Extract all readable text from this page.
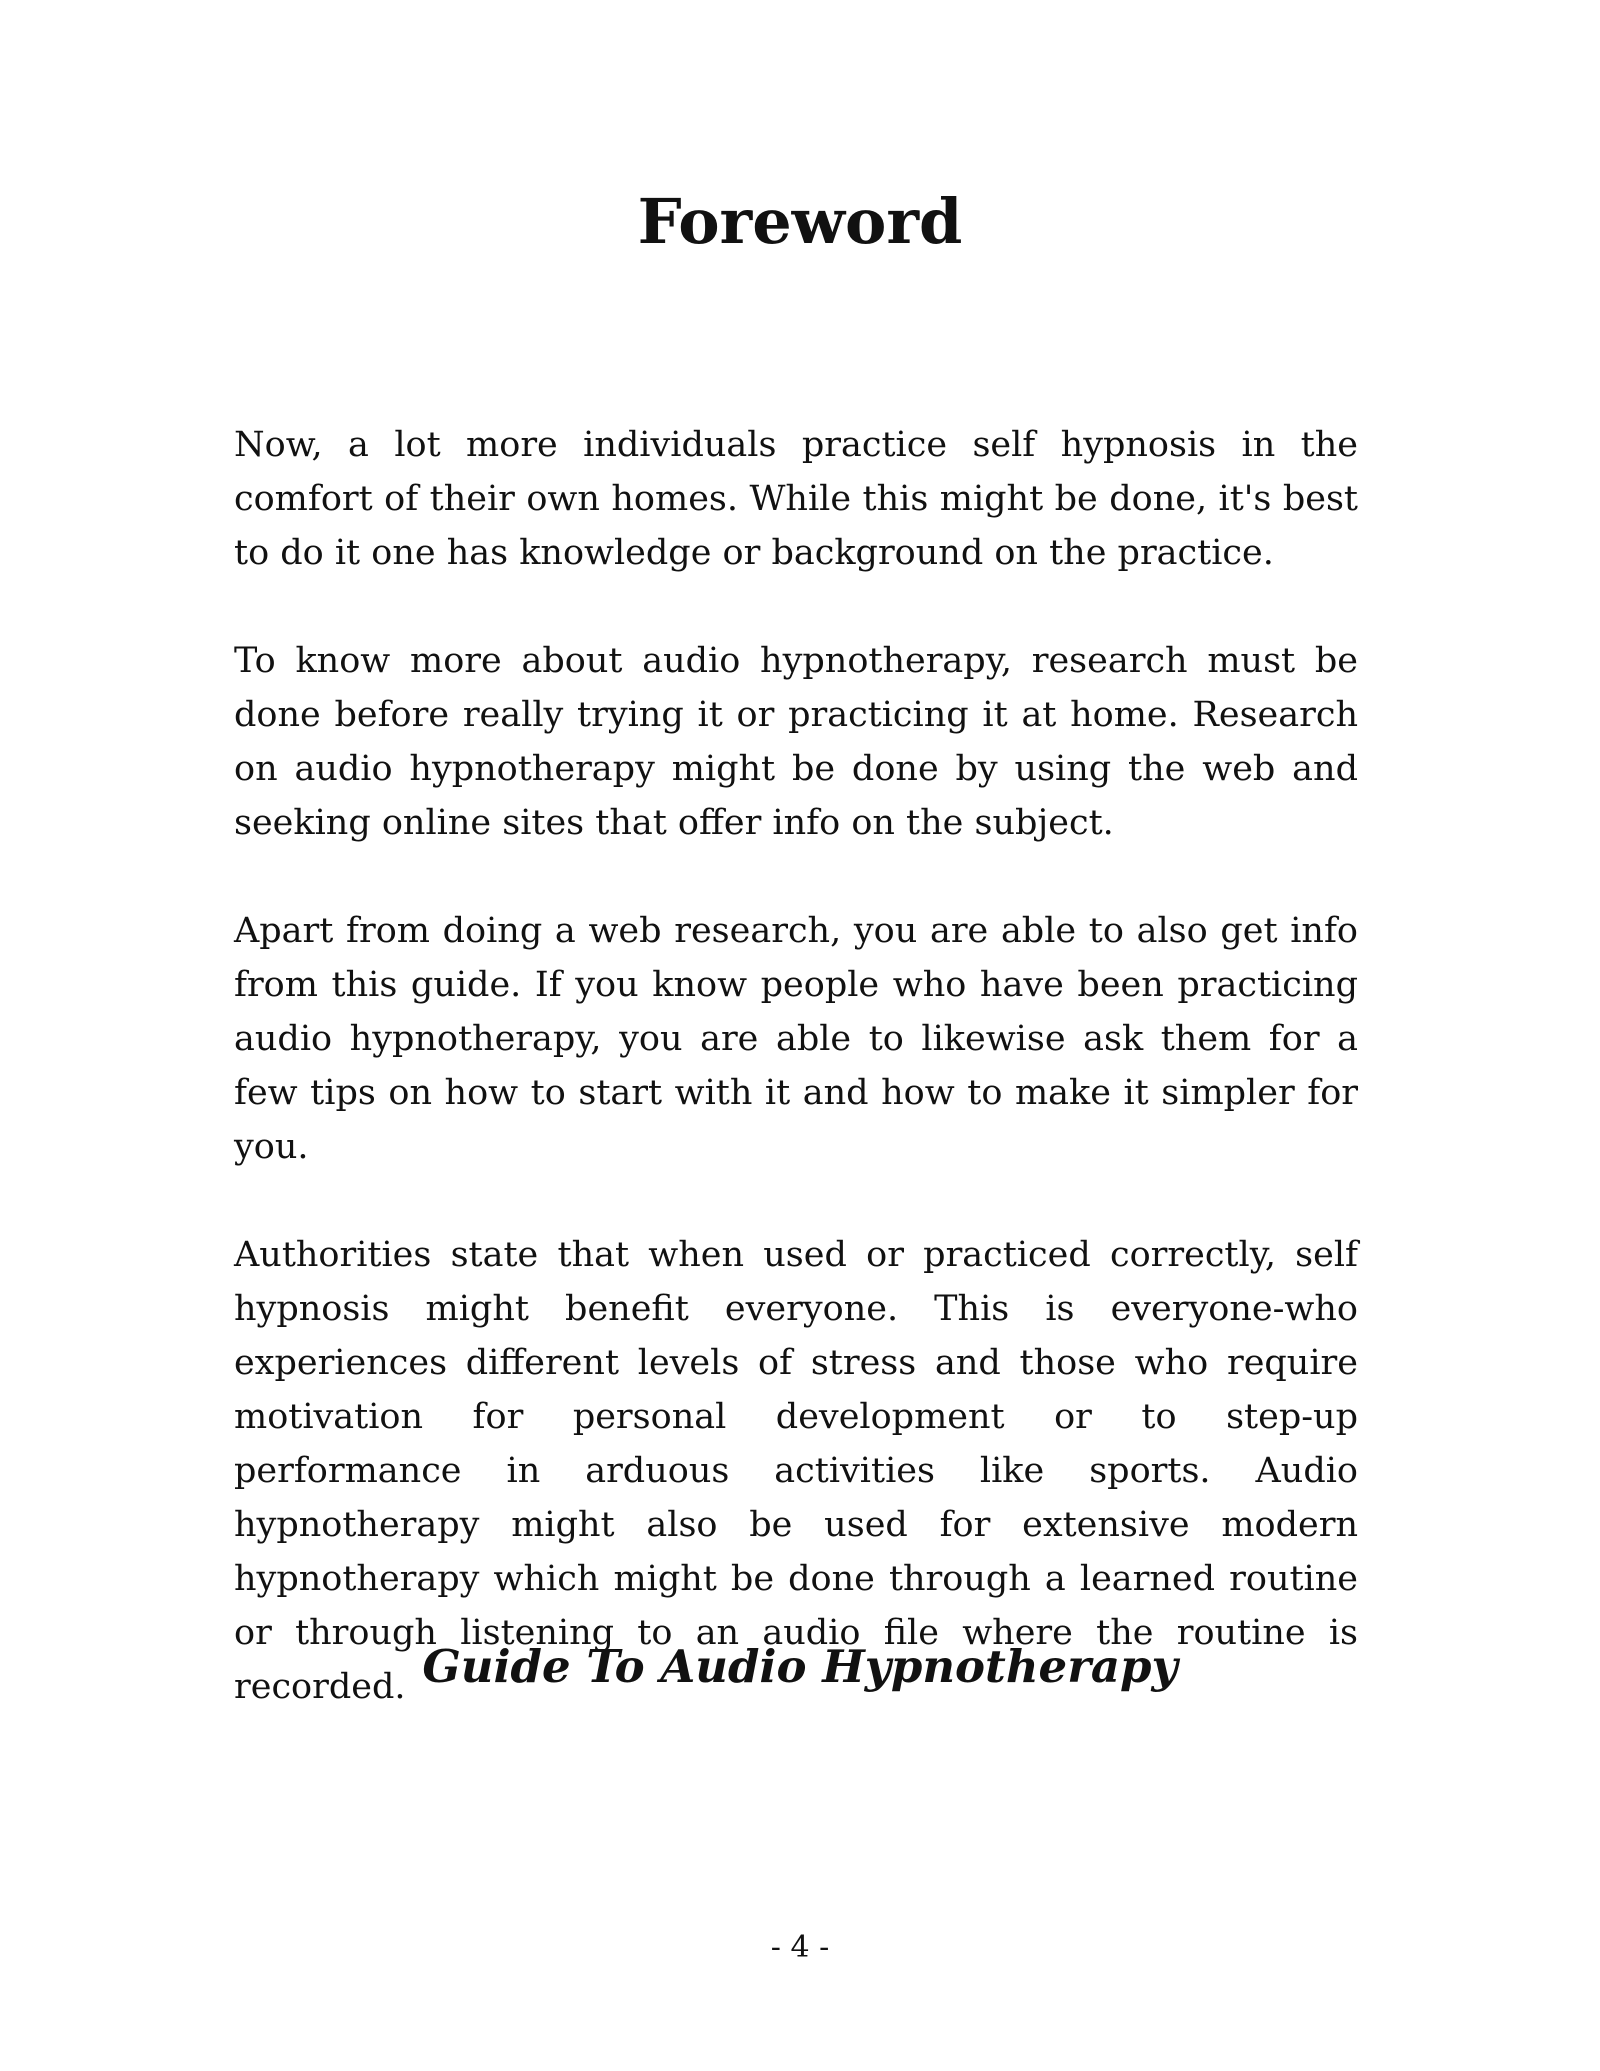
Foreword

Now, a lot more individuals practice self hypnosis in the comfort of their own homes. While this might be done, it's best to do it one has knowledge or background on the practice.

To know more about audio hypnotherapy, research must be done before really trying it or practicing it at home. Research on audio hypnotherapy might be done by using the web and seeking online sites that offer info on the subject.

Apart from doing a web research, you are able to also get info from this guide. If you know people who have been practicing audio hypnotherapy, you are able to likewise ask them for a few tips on how to start with it and how to make it simpler for you.

Authorities state that when used or practiced correctly, self hypnosis might benefit everyone. This is everyone-who experiences different levels of stress and those who require motivation for personal development or to step-up performance in arduous activities like sports. Audio hypnotherapy might also be used for extensive modern hypnotherapy which might be done through a learned routine or through listening to an audio file where the routine is recorded. Guide To Audio Hypnotherapy
- 4 -
